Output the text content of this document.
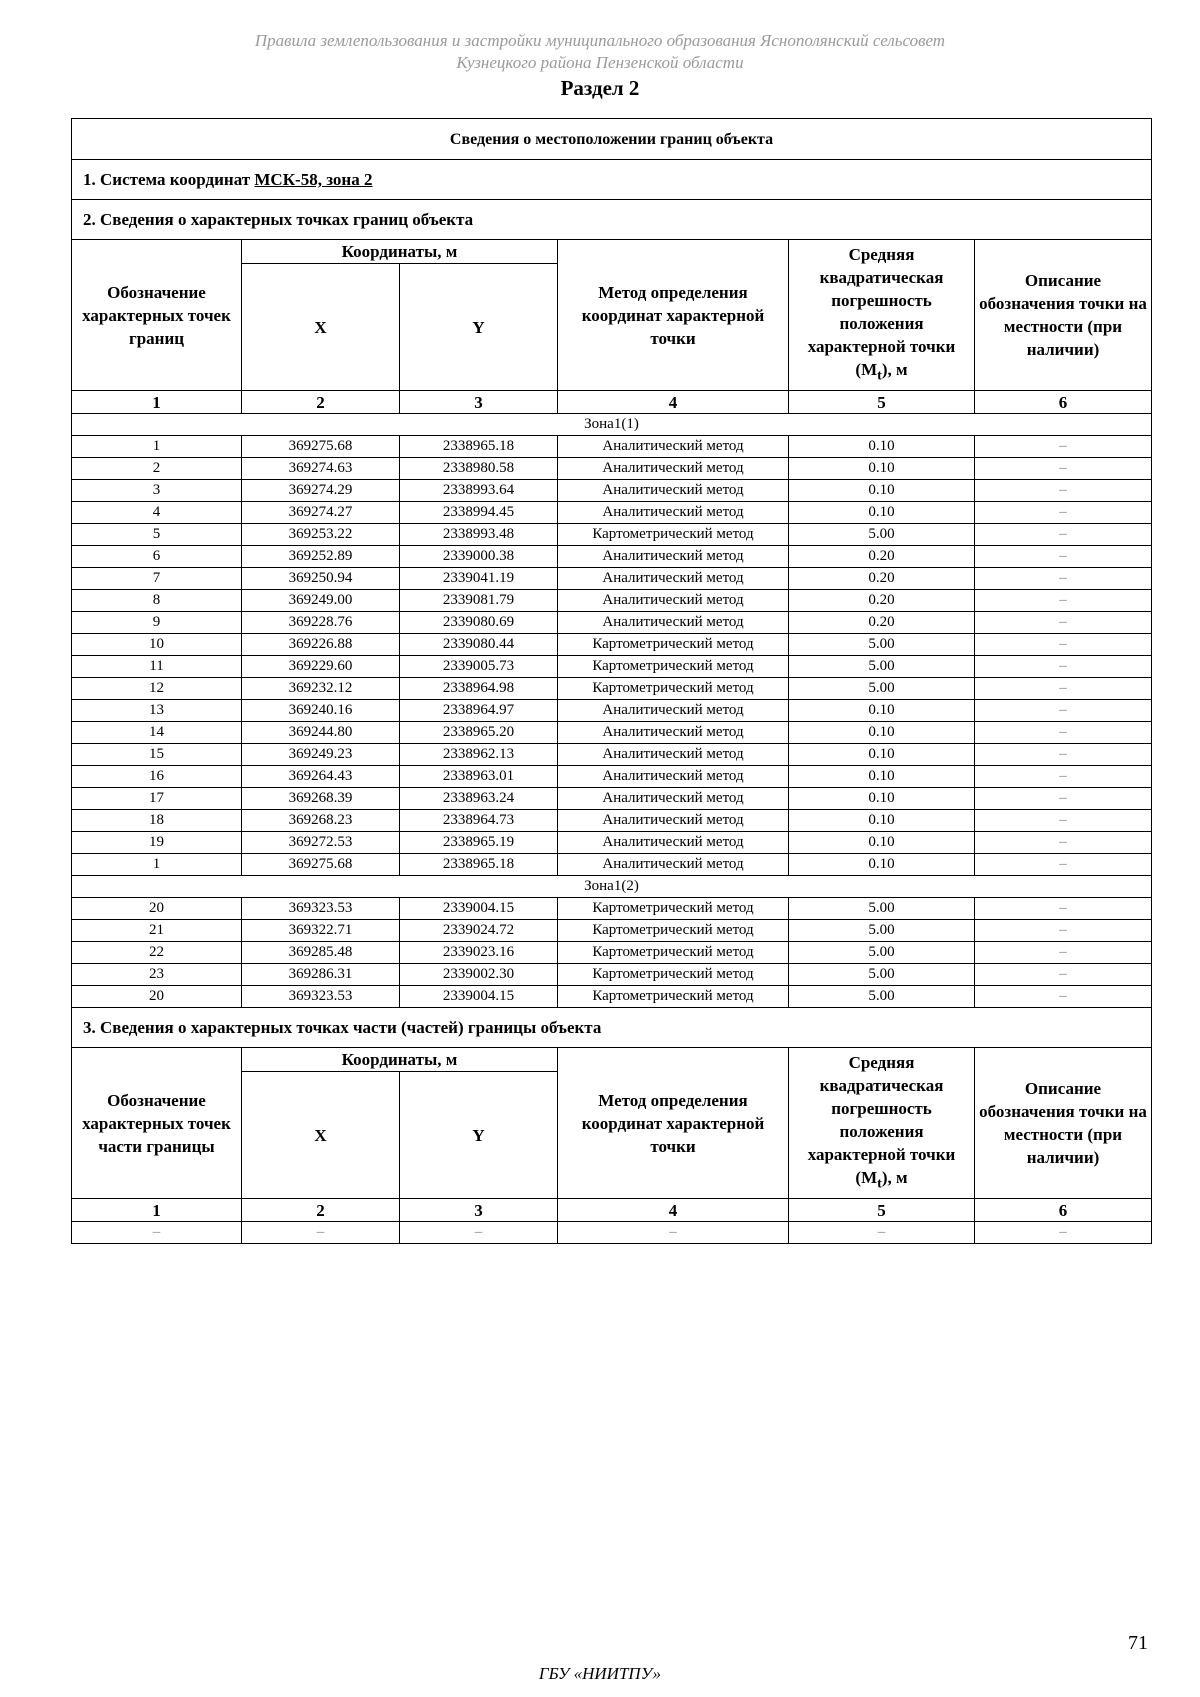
Правила землепользования и застройки муниципального образования Яснополянский сельсовет
Кузнецкого района Пензенской области
Раздел 2
Сведения о местоположении границ объекта					
1. Система координат МСК-58, зона 2					
2. Сведения о характерных точках границ объекта					
Обозначение характерных точек границ	Координаты, м		Метод определения координат характерной точки	Средняя квадратическая погрешность положения характерной точки $(M_t)$, м	Описание обозначения точки на местности (при наличии)
	X	Y			
1	2	3	4	5	6
Зона1(1)					
1	369275.68	2338965.18	Аналитический метод	0.10	–
2	369274.63	2338980.58	Аналитический метод	0.10	–
3	369274.29	2338993.64	Аналитический метод	0.10	–
4	369274.27	2338994.45	Аналитический метод	0.10	–
5	369253.22	2338993.48	Картометрический метод	5.00	–
6	369252.89	2339000.38	Аналитический метод	0.20	–
7	369250.94	2339041.19	Аналитический метод	0.20	–
8	369249.00	2339081.79	Аналитический метод	0.20	–
9	369228.76	2339080.69	Аналитический метод	0.20	–
10	369226.88	2339080.44	Картометрический метод	5.00	–
11	369229.60	2339005.73	Картометрический метод	5.00	–
12	369232.12	2338964.98	Картометрический метод	5.00	–
13	369240.16	2338964.97	Аналитический метод	0.10	–
14	369244.80	2338965.20	Аналитический метод	0.10	–
15	369249.23	2338962.13	Аналитический метод	0.10	–
16	369264.43	2338963.01	Аналитический метод	0.10	–
17	369268.39	2338963.24	Аналитический метод	0.10	–
18	369268.23	2338964.73	Аналитический метод	0.10	–
19	369272.53	2338965.19	Аналитический метод	0.10	–
1	369275.68	2338965.18	Аналитический метод	0.10	–
Зона1(2)					
20	369323.53	2339004.15	Картометрический метод	5.00	–
21	369322.71	2339024.72	Картометрический метод	5.00	–
22	369285.48	2339023.16	Картометрический метод	5.00	–
23	369286.31	2339002.30	Картометрический метод	5.00	–
20	369323.53	2339004.15	Картометрический метод	5.00	–
3. Сведения о характерных точках части (частей) границы объекта					
Обозначение характерных точек части границы	Координаты, м		Метод определения координат характерной точки	Средняя квадратическая погрешность положения характерной точки $(M_t)$, м	Описание обозначения точки на местности (при наличии)
	X	Y			
1	2	3	4	5	6
–	–	–	–	–	–
71
ГБУ «НИИТПУ»
